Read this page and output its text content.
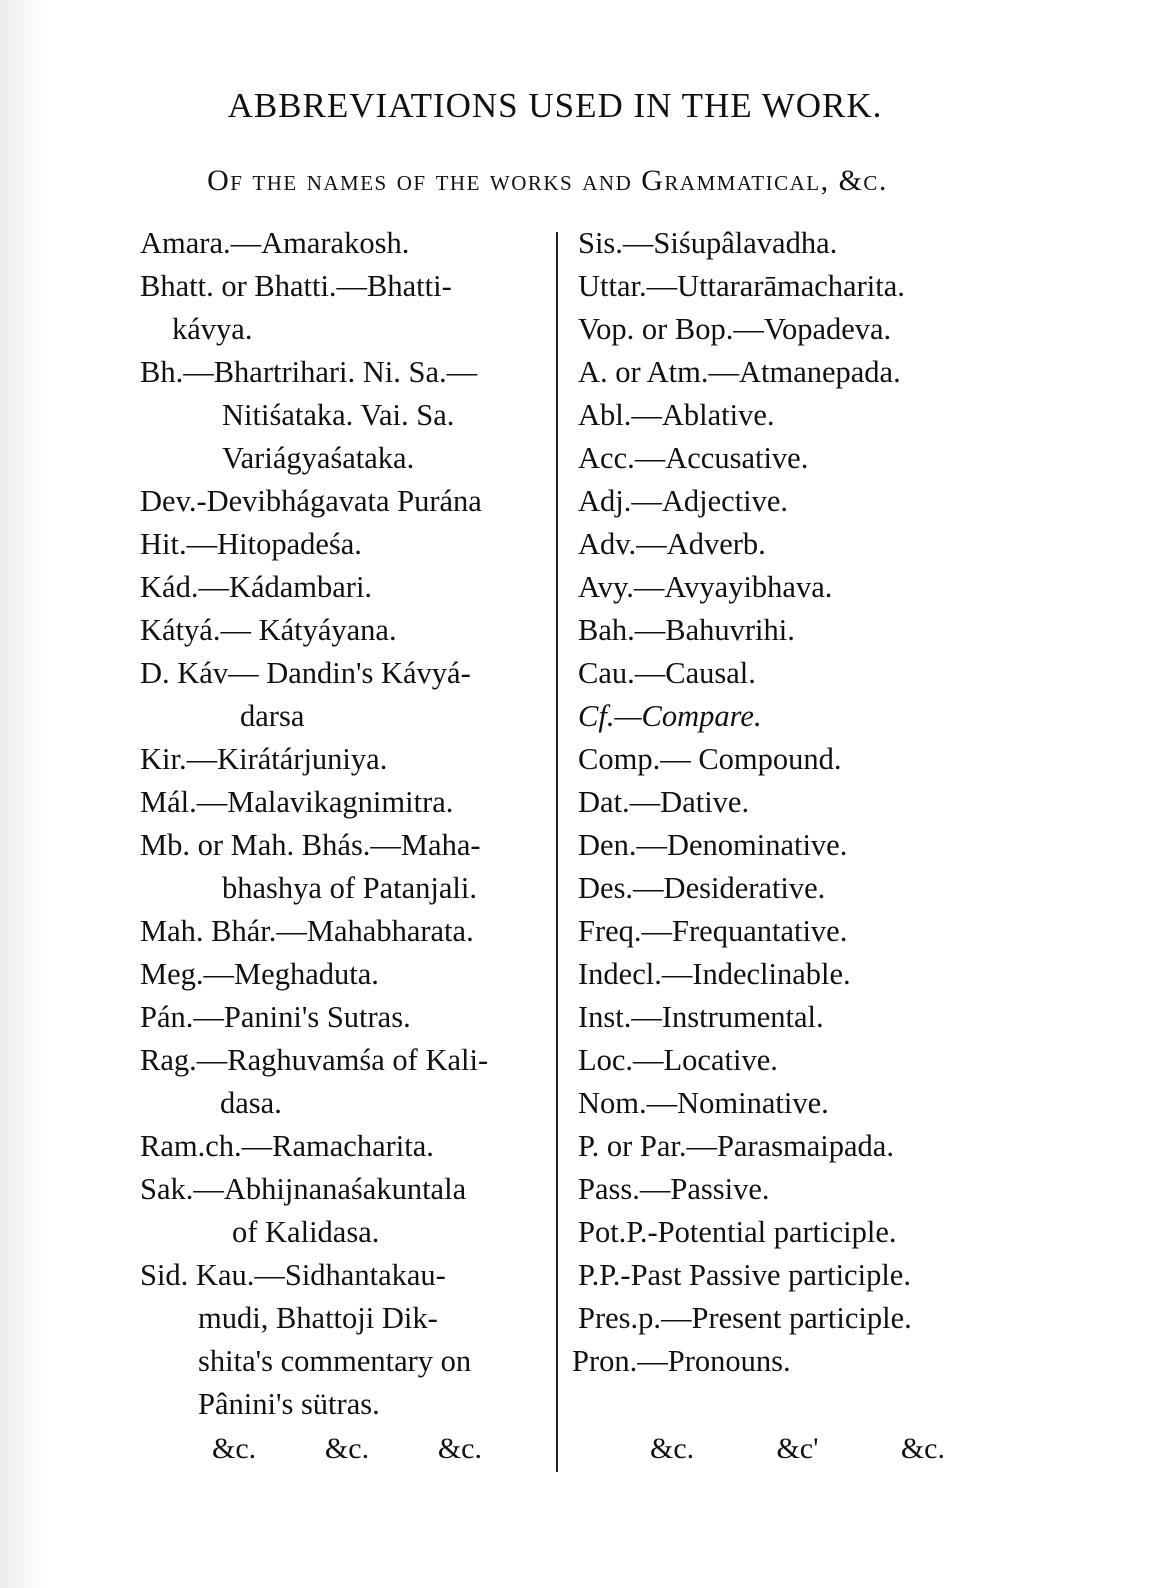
ABBREVIATIONS USED IN THE WORK.
Of the names of the works and Grammatical, &c.
Amara.—Amarakosh.
Bhatt. or Bhatti.—Bhatti-
kávya.
Bh.—Bhartrihari. Ni. Sa.—
Nitiśataka. Vai. Sa.
Variágyaśataka.
Dev.-Devibhágavata Purána
Hit.—Hitopadeśa.
Kád.—Kádambari.
Kátyá.— Kátyáyana.
D. Káv— Dandin's Kávyá-
darsa
Kir.—Kirátárjuniya.
Mál.—Malavikagnimitra.
Mb. or Mah. Bhás.—Maha-
bhashya of Patanjali.
Mah. Bhár.—Mahabharata.
Meg.—Meghaduta.
Pán.—Panini's Sutras.
Rag.—Raghuvamśa of Kali-
dasa.
Ram.ch.—Ramacharita.
Sak.—Abhijnanaśakuntala
of Kalidasa.
Sid. Kau.—Sidhantakau-
mudi, Bhattoji Dik-
shita's commentary on
Pânini's sütras.
Sis.—Siśupâlavadha.
Uttar.—Uttararāmacharita.
Vop. or Bop.—Vopadeva.
A. or Atm.—Atmanepada.
Abl.—Ablative.
Acc.—Accusative.
Adj.—Adjective.
Adv.—Adverb.
Avy.—Avyayibhava.
Bah.—Bahuvrihi.
Cau.—Causal.
Cf.—Compare.
Comp.— Compound.
Dat.—Dative.
Den.—Denominative.
Des.—Desiderative.
Freq.—Frequantative.
Indecl.—Indeclinable.
Inst.—Instrumental.
Loc.—Locative.
Nom.—Nominative.
P. or Par.—Parasmaipada.
Pass.—Passive.
Pot.P.-Potential participle.
P.P.-Past Passive participle.
Pres.p.—Present participle.
Pron.—Pronouns.
&c. &c. &c.	&c.	&c'	&c.
